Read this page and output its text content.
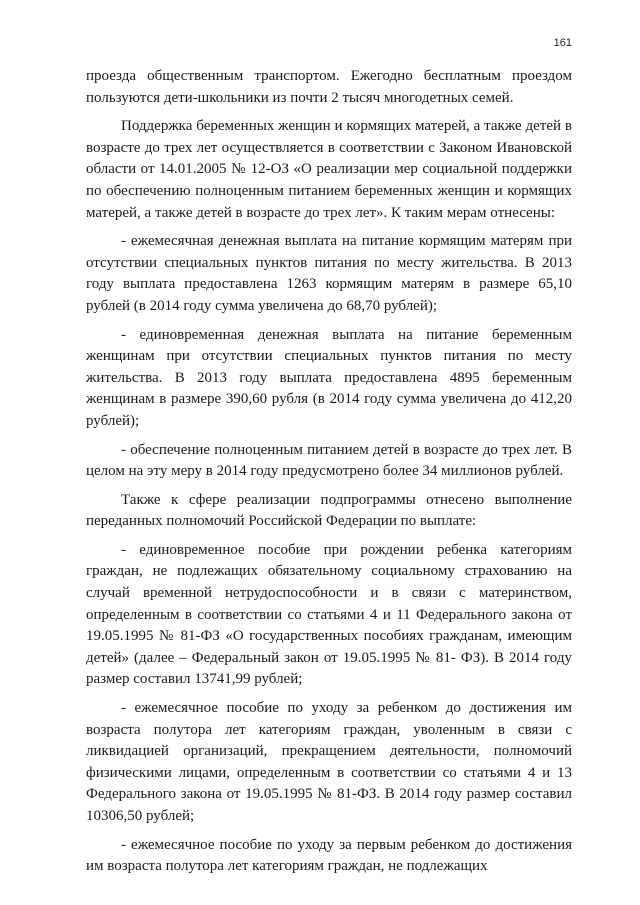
161

проезда общественным транспортом. Ежегодно бесплатным проездом пользуются дети-школьники из почти 2 тысяч многодетных семей.

Поддержка беременных женщин и кормящих матерей, а также детей в возрасте до трех лет осуществляется в соответствии с Законом Ивановской области от 14.01.2005 № 12-ОЗ «О реализации мер социальной поддержки по обеспечению полноценным питанием беременных женщин и кормящих матерей, а также детей в возрасте до трех лет». К таким мерам отнесены:

- ежемесячная денежная выплата на питание кормящим матерям при отсутствии специальных пунктов питания по месту жительства. В 2013 году выплата предоставлена 1263 кормящим матерям в размере 65,10 рублей (в 2014 году сумма увеличена до 68,70 рублей);

- единовременная денежная выплата на питание беременным женщинам при отсутствии специальных пунктов питания по месту жительства. В 2013 году выплата предоставлена 4895 беременным женщинам в размере 390,60 рубля (в 2014 году сумма увеличена до 412,20 рублей);

- обеспечение полноценным питанием детей в возрасте до трех лет. В целом на эту меру в 2014 году предусмотрено более 34 миллионов рублей.

Также к сфере реализации подпрограммы отнесено выполнение переданных полномочий Российской Федерации по выплате:

- единовременное пособие при рождении ребенка категориям граждан, не подлежащих обязательному социальному страхованию на случай временной нетрудоспособности и в связи с материнством, определенным в соответствии со статьями 4 и 11 Федерального закона от 19.05.1995 № 81-ФЗ «О государственных пособиях гражданам, имеющим детей» (далее – Федеральный закон от 19.05.1995 № 81- ФЗ). В 2014 году размер составил 13741,99 рублей;

- ежемесячное пособие по уходу за ребенком до достижения им возраста полутора лет категориям граждан, уволенным в связи с ликвидацией организаций, прекращением деятельности, полномочий физическими лицами, определенным в соответствии со статьями 4 и 13 Федерального закона от 19.05.1995 № 81-ФЗ. В 2014 году размер составил 10306,50 рублей;

- ежемесячное пособие по уходу за первым ребенком до достижения им возраста полутора лет категориям граждан, не подлежащих
